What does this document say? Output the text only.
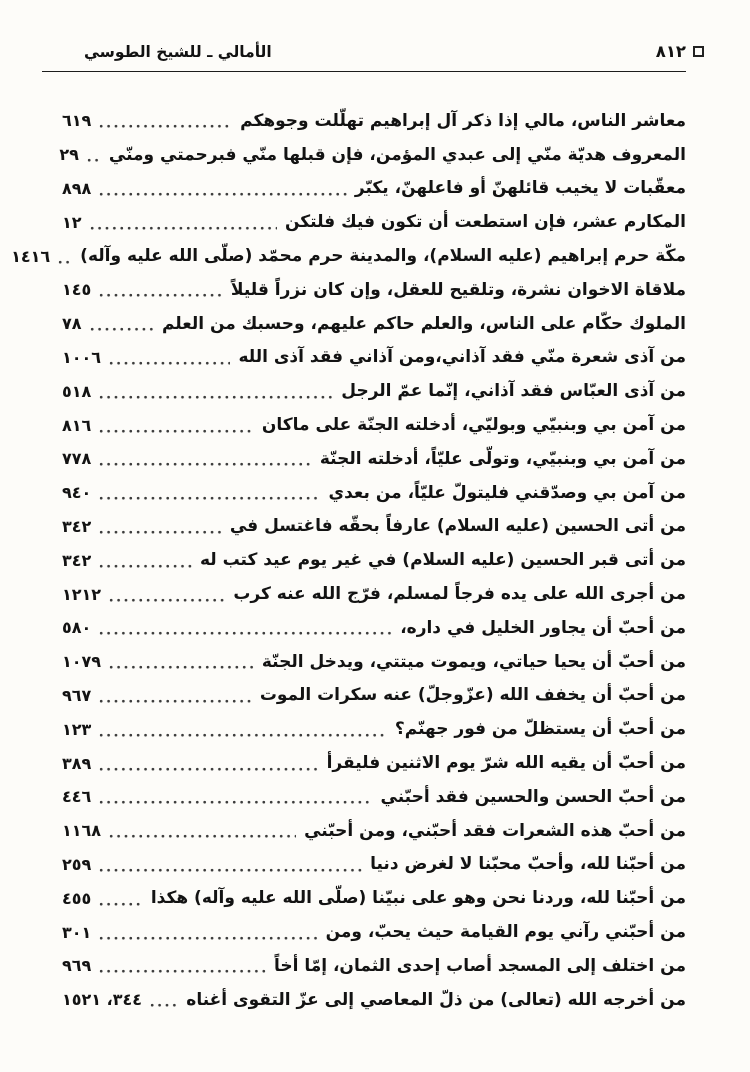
الأمالي ـ للشيخ الطوسي	٨١٢
معاشر الناس، مالي إذا ذكر آل إبراهيم تهلّلت وجوهكم
٦١٩
المعروف هديّة منّي إلى عبدي المؤمن، فإن قبلها منّي فبرحمتي ومنّي
٢٩
معقّبات لا يخيب قائلهنّ أو فاعلهنّ، يكبّر
٨٩٨
المكارم عشر، فإن استطعت أن تكون فيك فلتكن
١٢
مكّة حرم إبراهيم (عليه السلام)، والمدينة حرم محمّد (صلّى الله عليه وآله)
١٤١٦
ملاقاة الاخوان نشرة، وتلقيح للعقل، وإن كان نزراً قليلاً
١٤٥
الملوك حكّام على الناس، والعلم حاكم عليهم، وحسبك من العلم
٧٨
من آذى شعرة منّي فقد آذاني،ومن آذاني فقد آذى الله
١٠٠٦
من آذى العبّاس فقد آذاني، إنّما عمّ الرجل
٥١٨
من آمن بي وبنبيّي وبوليّي، أدخلته الجنّة على ماكان
٨١٦
من آمن بي وبنبيّي، وتولّى عليّاً، أدخلته الجنّة
٧٧٨
من آمن بي وصدّقني فليتولّ عليّاً، من بعدي
٩٤٠
من أتى الحسين (عليه السلام) عارفاً بحقّه فاغتسل في
٣٤٢
من أتى قبر الحسين (عليه السلام) في غير يوم عيد كتب له
٣٤٢
من أجرى الله على يده فرجاً لمسلم، فرّج الله عنه كرب
١٢١٢
من أحبّ أن يجاور الخليل في داره،
٥٨٠
من أحبّ أن يحيا حياتي، ويموت ميتتي، ويدخل الجنّة
١٠٧٩
من أحبّ أن يخفف الله (عزّوجلّ) عنه سكرات الموت
٩٦٧
من أحبّ أن يستظلّ من فور جهنّم؟
١٢٣
من أحبّ أن يقيه الله شرّ يوم الاثنين فليقرأ
٣٨٩
من أحبّ الحسن والحسين فقد أحبّني
٤٤٦
من أحبّ هذه الشعرات فقد أحبّني، ومن أحبّني
١١٦٨
من أحبّنا لله، وأحبّ محبّنا لا لغرض دنيا
٢٥٩
من أحبّنا لله، وردنا نحن وهو على نبيّنا (صلّى الله عليه وآله) هكذا
٤٥٥
من أحبّني رآني يوم القيامة حيث يحبّ، ومن
٣٠١
من اختلف إلى المسجد أصاب إحدى الثمان، إمّا أخاً
٩٦٩
من أخرجه الله (تعالى) من ذلّ المعاصي إلى عزّ التقوى أغناه
٣٤٤، ١٥٢١
